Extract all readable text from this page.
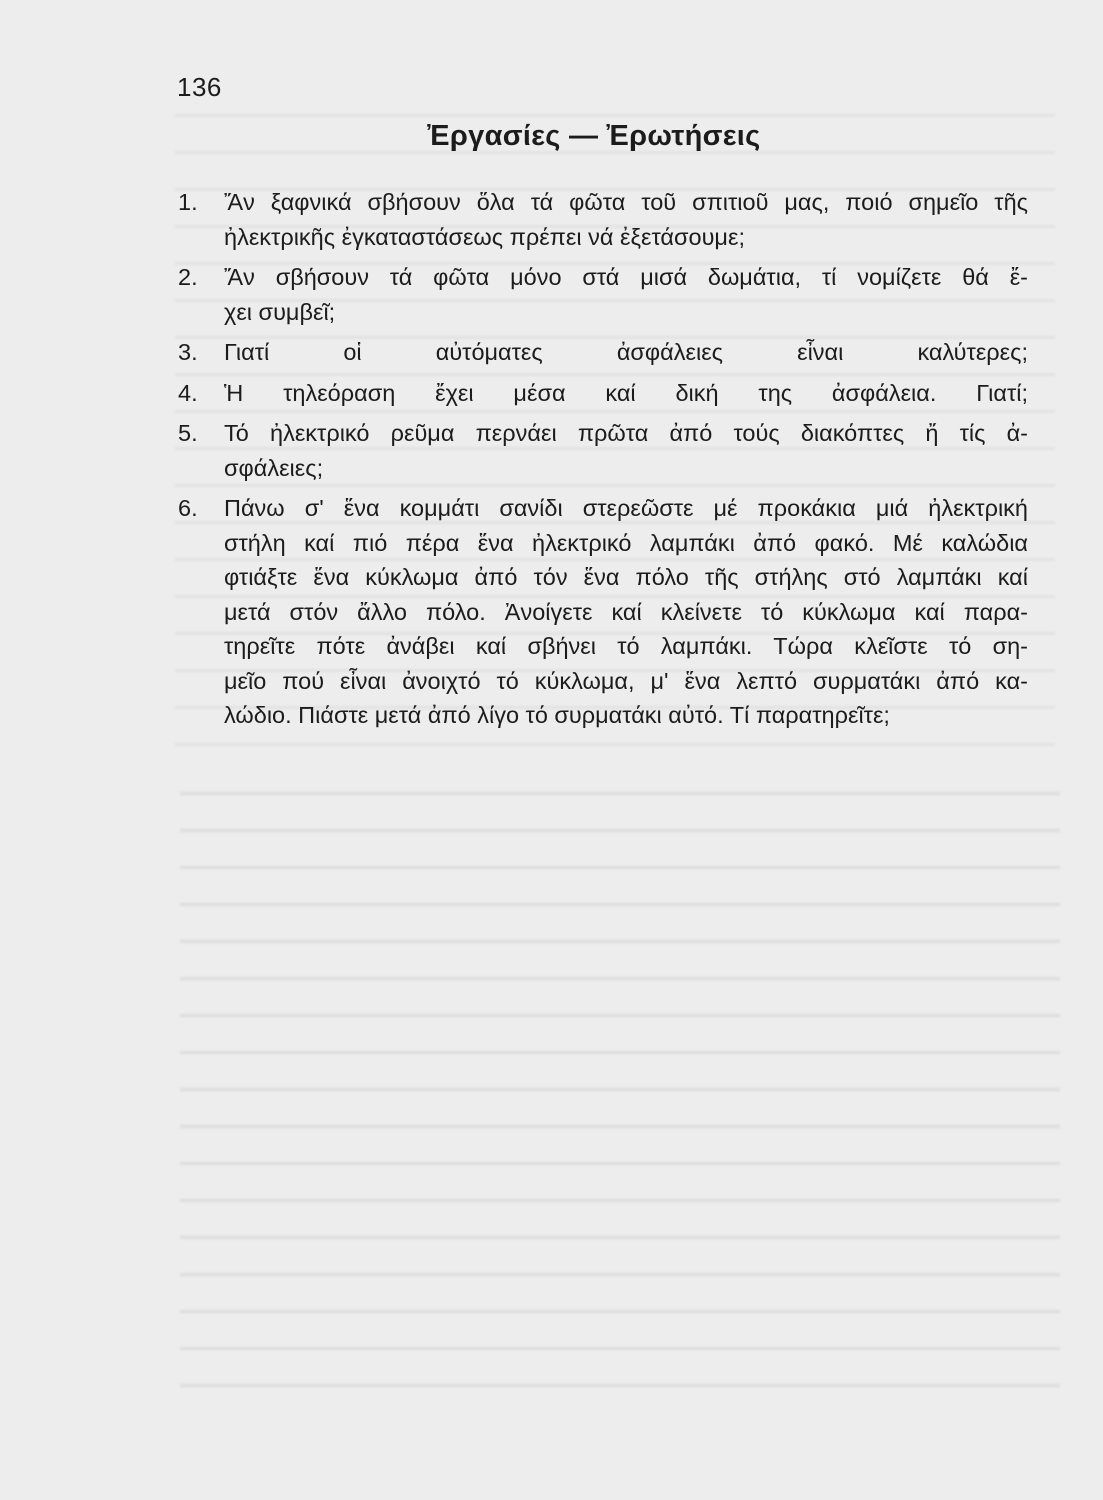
136
Ἐργασίες — Ἐρωτήσεις
1. Ἄν ξαφνικά σβήσουν ὅλα τά φῶτα τοῦ σπιτιοῦ μας, ποιό σημεῖο τῆς
ἠλεκτρικῆς ἐγκαταστάσεως πρέπει νά ἐξετάσουμε;
2. Ἄν σβήσουν τά φῶτα μόνο στά μισά δωμάτια, τί νομίζετε θά ἔ-
χει συμβεῖ;
3. Γιατί οἱ αὐτόματες ἀσφάλειες εἶναι καλύτερες;
4. Ἡ τηλεόραση ἔχει μέσα καί δική της ἀσφάλεια. Γιατί;
5. Τό ἠλεκτρικό ρεῦμα περνάει πρῶτα ἀπό τούς διακόπτες ἤ τίς ἀ-
σφάλειες;
6. Πάνω σ' ἕνα κομμάτι σανίδι στερεῶστε μέ προκάκια μιά ἠλεκτρική
στήλη καί πιό πέρα ἕνα ἠλεκτρικό λαμπάκι ἀπό φακό. Μέ καλώδια
φτιάξτε ἕνα κύκλωμα ἀπό τόν ἕνα πόλο τῆς στήλης στό λαμπάκι καί
μετά στόν ἄλλο πόλο. Ἀνοίγετε καί κλείνετε τό κύκλωμα καί παρα-
τηρεῖτε πότε ἀνάβει καί σβήνει τό λαμπάκι. Τώρα κλεῖστε τό ση-
μεῖο πού εἶναι ἀνοιχτό τό κύκλωμα, μ' ἕνα λεπτό συρματάκι ἀπό κα-
λώδιο. Πιάστε μετά ἀπό λίγο τό συρματάκι αὐτό. Τί παρατηρεῖτε;
